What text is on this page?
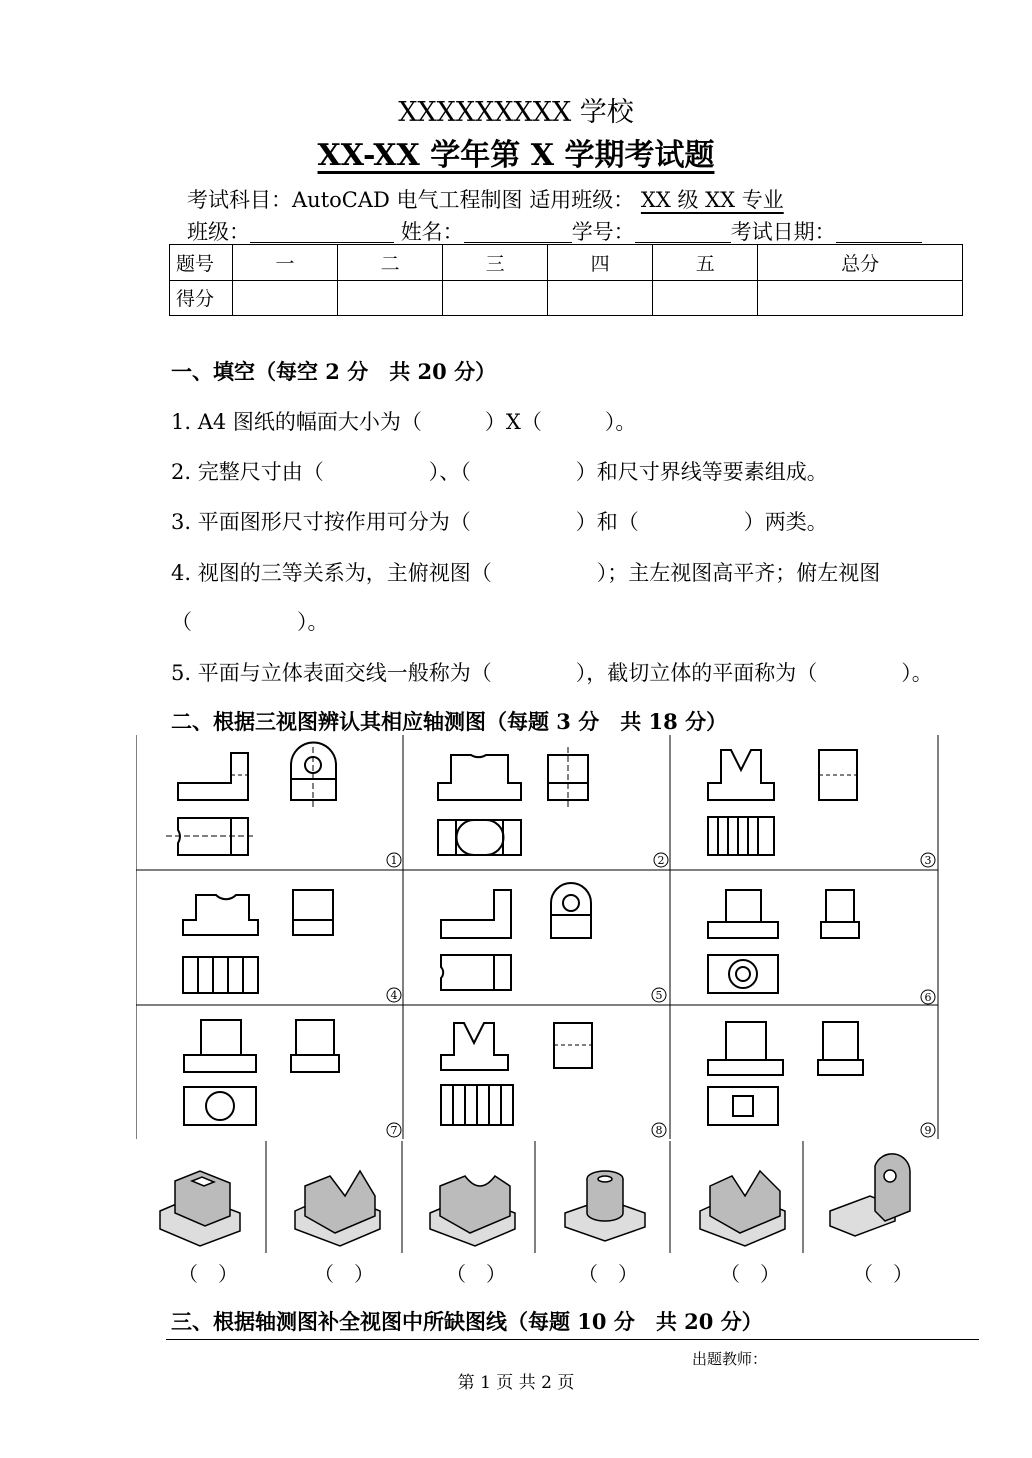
XXXXXXXXX 学校
XX-XX 学年第 X 学期考试题
考试科目：AutoCAD 电气工程制图 适用班级： XX 级 XX 专业
班级：	姓名：	学号：	考试日期：
题号	一	二	三	四	五	总分
得分						
一、填空（每空 2 分　共 20 分）
1. A4 图纸的幅面大小为（　　　）X（　　　）。
2. 完整尺寸由（　　　　　）、（　　　　　）和尺寸界线等要素组成。
3. 平面图形尺寸按作用可分为（　　　　　）和（　　　　　）两类。
4. 视图的三等关系为，主俯视图（　　　　　）；主左视图高平齐；俯左视图
（　　　　　）。
5. 平面与立体表面交线一般称为（　　　　），截切立体的平面称为（　　　　）。
二、根据三视图辨认其相应轴测图（每题 3 分　共 18 分）
1	2	3
4	5	6
7	8	9
（　）	（　）	（　）	（　）	（　）	（　）
三、根据轴测图补全视图中所缺图线（每题 10 分　共 20 分）
出题教师：
第 1 页 共 2 页
